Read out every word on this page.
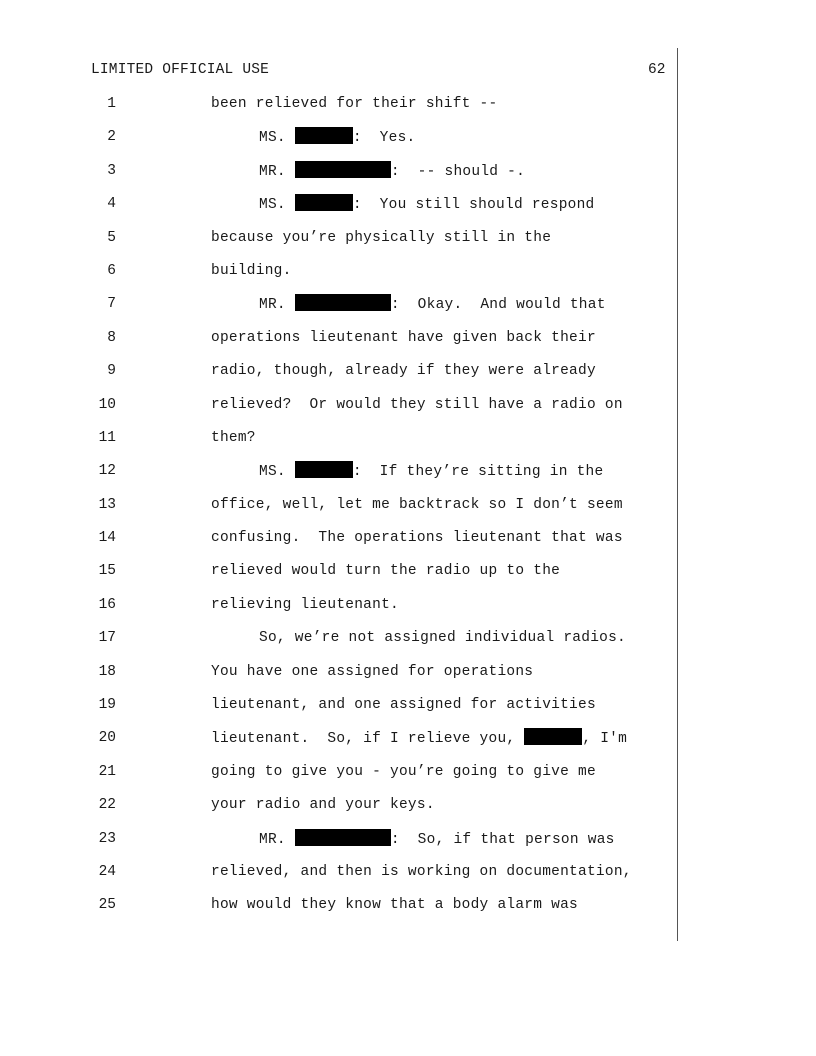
LIMITED OFFICIAL USE	62
1	been relieved for their shift --
2	MS.	:  Yes.
3	MR.	:  -- should -.
4	MS.	:  You still should respond
5	because you’re physically still in the
6	building.
7	MR.	:  Okay.  And would that
8	operations lieutenant have given back their
9	radio, though, already if they were already
10	relieved?  Or would they still have a radio on
11	them?
12	MS.	:  If they’re sitting in the
13	office, well, let me backtrack so I don’t seem
14	confusing.  The operations lieutenant that was
15	relieved would turn the radio up to the
16	relieving lieutenant.
17	So, we’re not assigned individual radios.
18	You have one assigned for operations
19	lieutenant, and one assigned for activities
20	lieutenant.  So, if I relieve you,	, I'm
21	going to give you - you’re going to give me
22	your radio and your keys.
23	MR.	:  So, if that person was
24	relieved, and then is working on documentation,
25	how would they know that a body alarm was
